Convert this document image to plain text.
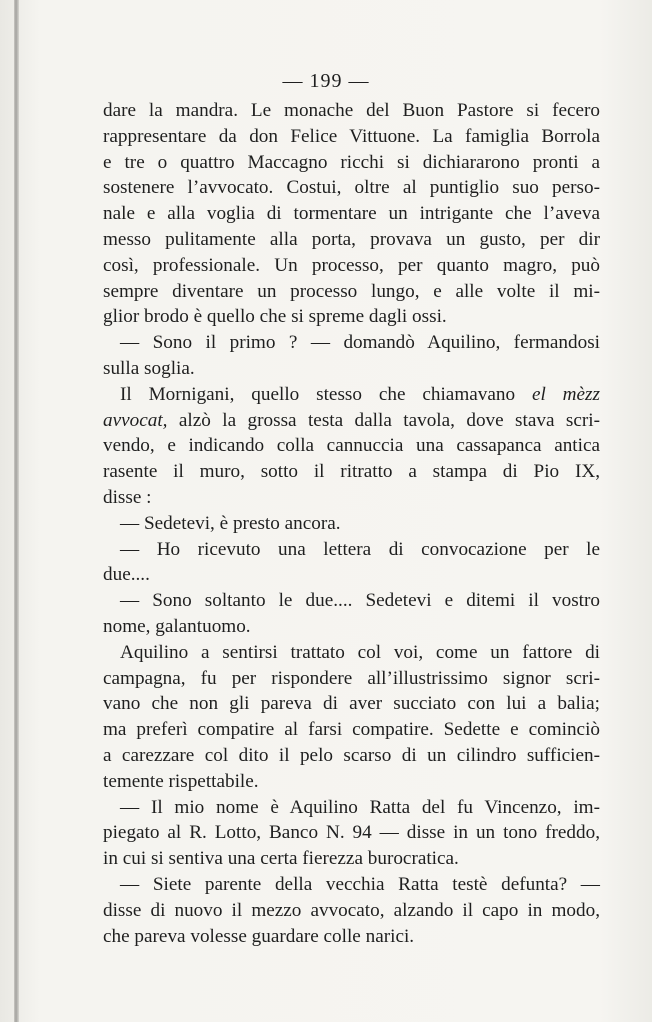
— 199 —
dare la mandra. Le monache del Buon Pastore si fecero
rappresentare da don Felice Vittuone. La famiglia Borrola
e tre o quattro Maccagno ricchi si dichiararono pronti a
sostenere l’avvocato. Costui, oltre al puntiglio suo perso-
nale e alla voglia di tormentare un intrigante che l’aveva
messo pulitamente alla porta, provava un gusto, per dir
così, professionale. Un processo, per quanto magro, può
sempre diventare un processo lungo, e alle volte il mi-
glior brodo è quello che si spreme dagli ossi.
— Sono il primo ? — domandò Aquilino, fermandosi
sulla soglia.
Il Mornigani, quello stesso che chiamavano el mèzz
avvocat, alzò la grossa testa dalla tavola, dove stava scri-
vendo, e indicando colla cannuccia una cassapanca antica
rasente il muro, sotto il ritratto a stampa di Pio IX,
disse :
— Sedetevi, è presto ancora.
— Ho ricevuto una lettera di convocazione per le
due....
— Sono soltanto le due.... Sedetevi e ditemi il vostro
nome, galantuomo.
Aquilino a sentirsi trattato col voi, come un fattore di
campagna, fu per rispondere all’illustrissimo signor scri-
vano che non gli pareva di aver succiato con lui a balia;
ma preferì compatire al farsi compatire. Sedette e cominciò
a carezzare col dito il pelo scarso di un cilindro sufficien-
temente rispettabile.
— Il mio nome è Aquilino Ratta del fu Vincenzo, im-
piegato al R. Lotto, Banco N. 94 — disse in un tono freddo,
in cui si sentiva una certa fierezza burocratica.
— Siete parente della vecchia Ratta testè defunta? —
disse di nuovo il mezzo avvocato, alzando il capo in modo,
che pareva volesse guardare colle narici.
